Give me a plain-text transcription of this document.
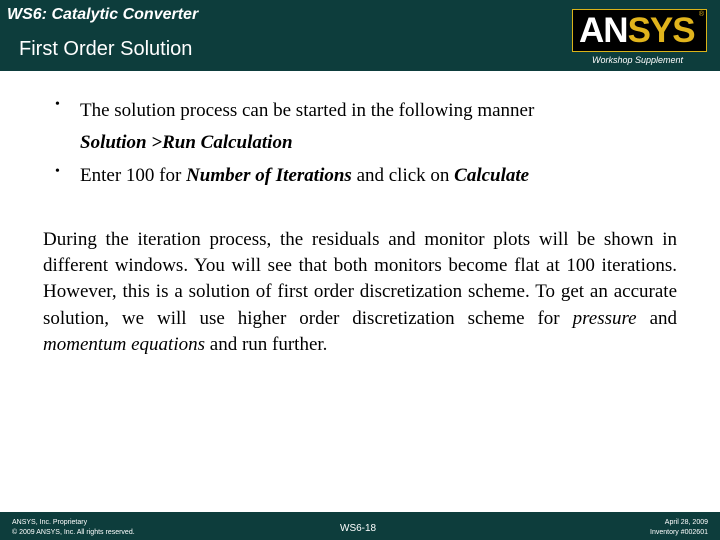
WS6: Catalytic Converter
First Order Solution	ANSYS ®
Workshop Supplement
• The solution process can be started in the following manner
Solution >Run Calculation
• Enter 100 for Number of Iterations and click on Calculate
During the iteration process, the residuals and monitor plots will be shown in different windows. You will see that both monitors become flat at 100 iterations. However, this is a solution of first order discretization scheme. To get an accurate solution, we will use higher order discretization scheme for pressure and momentum equations and run further.
ANSYS, Inc. Proprietary
© 2009 ANSYS, Inc. All rights reserved.	WS6-18
April 28, 2009
Inventory #002601
